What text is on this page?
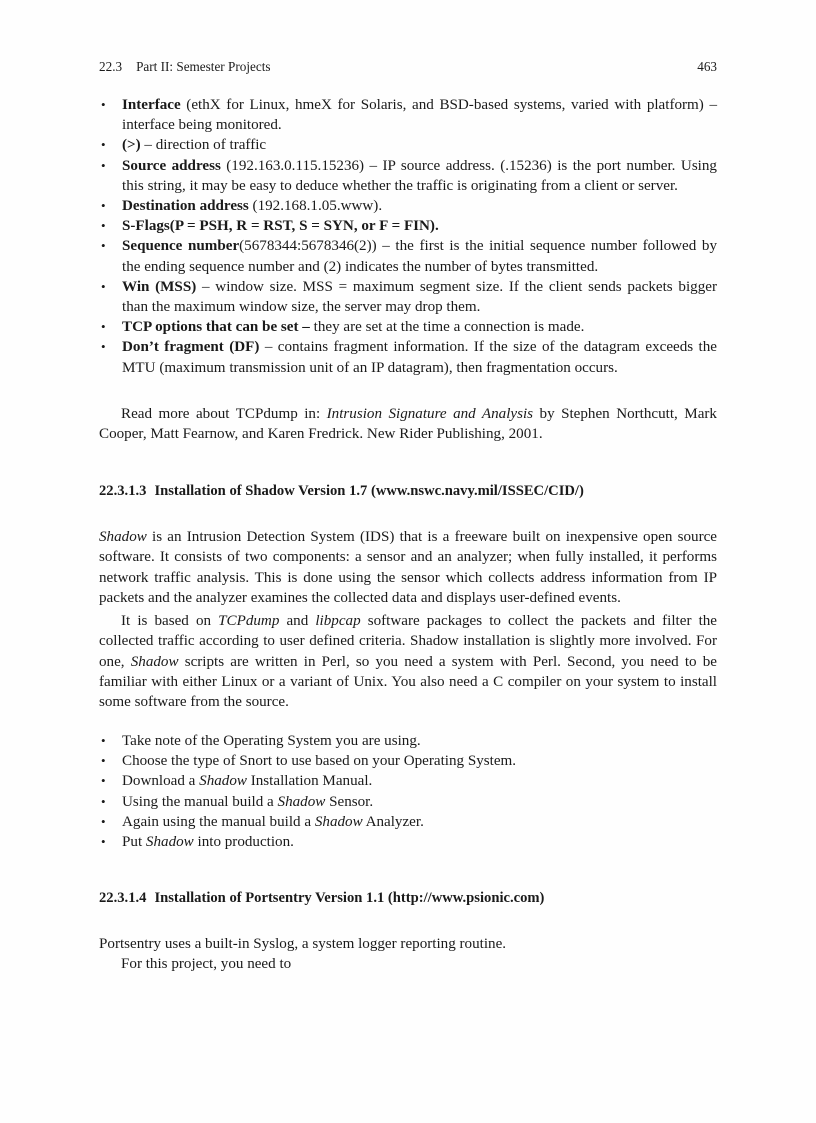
22.3 Part II: Semester Projects	463
• Interface (ethX for Linux, hmeX for Solaris, and BSD-based systems, varied with platform) – interface being monitored.
• (>) – direction of traffic
• Source address (192.163.0.115.15236) – IP source address. (.15236) is the port number. Using this string, it may be easy to deduce whether the traffic is originating from a client or server.
• Destination address (192.168.1.05.www).
• S-Flags(P = PSH, R = RST, S = SYN, or F = FIN).
• Sequence number(5678344:5678346(2)) – the first is the initial sequence number followed by the ending sequence number and (2) indicates the number of bytes transmitted.
• Win (MSS) – window size. MSS = maximum segment size. If the client sends packets bigger than the maximum window size, the server may drop them.
• TCP options that can be set – they are set at the time a connection is made.
• Don’t fragment (DF) – contains fragment information. If the size of the datagram exceeds the MTU (maximum transmission unit of an IP datagram), then fragmentation occurs.

Read more about TCPdump in: Intrusion Signature and Analysis by Stephen Northcutt, Mark Cooper, Matt Fearnow, and Karen Fredrick. New Rider Publishing, 2001.

22.3.1.3 Installation of Shadow Version 1.7 (www.nswc.navy.mil/ISSEC/CID/)

Shadow is an Intrusion Detection System (IDS) that is a freeware built on inexpensive open source software. It consists of two components: a sensor and an analyzer; when fully installed, it performs network traffic analysis. This is done using the sensor which collects address information from IP packets and the analyzer examines the collected data and displays user-defined events.

It is based on TCPdump and libpcap software packages to collect the packets and filter the collected traffic according to user defined criteria. Shadow installation is slightly more involved. For one, Shadow scripts are written in Perl, so you need a system with Perl. Second, you need to be familiar with either Linux or a variant of Unix. You also need a C compiler on your system to install some software from the source.

• Take note of the Operating System you are using.
• Choose the type of Snort to use based on your Operating System.
• Download a Shadow Installation Manual.
• Using the manual build a Shadow Sensor.
• Again using the manual build a Shadow Analyzer.
• Put Shadow into production.
22.3.1.4 Installation of Portsentry Version 1.1 (http://www.psionic.com)

Portsentry uses a built-in Syslog, a system logger reporting routine.

For this project, you need to
